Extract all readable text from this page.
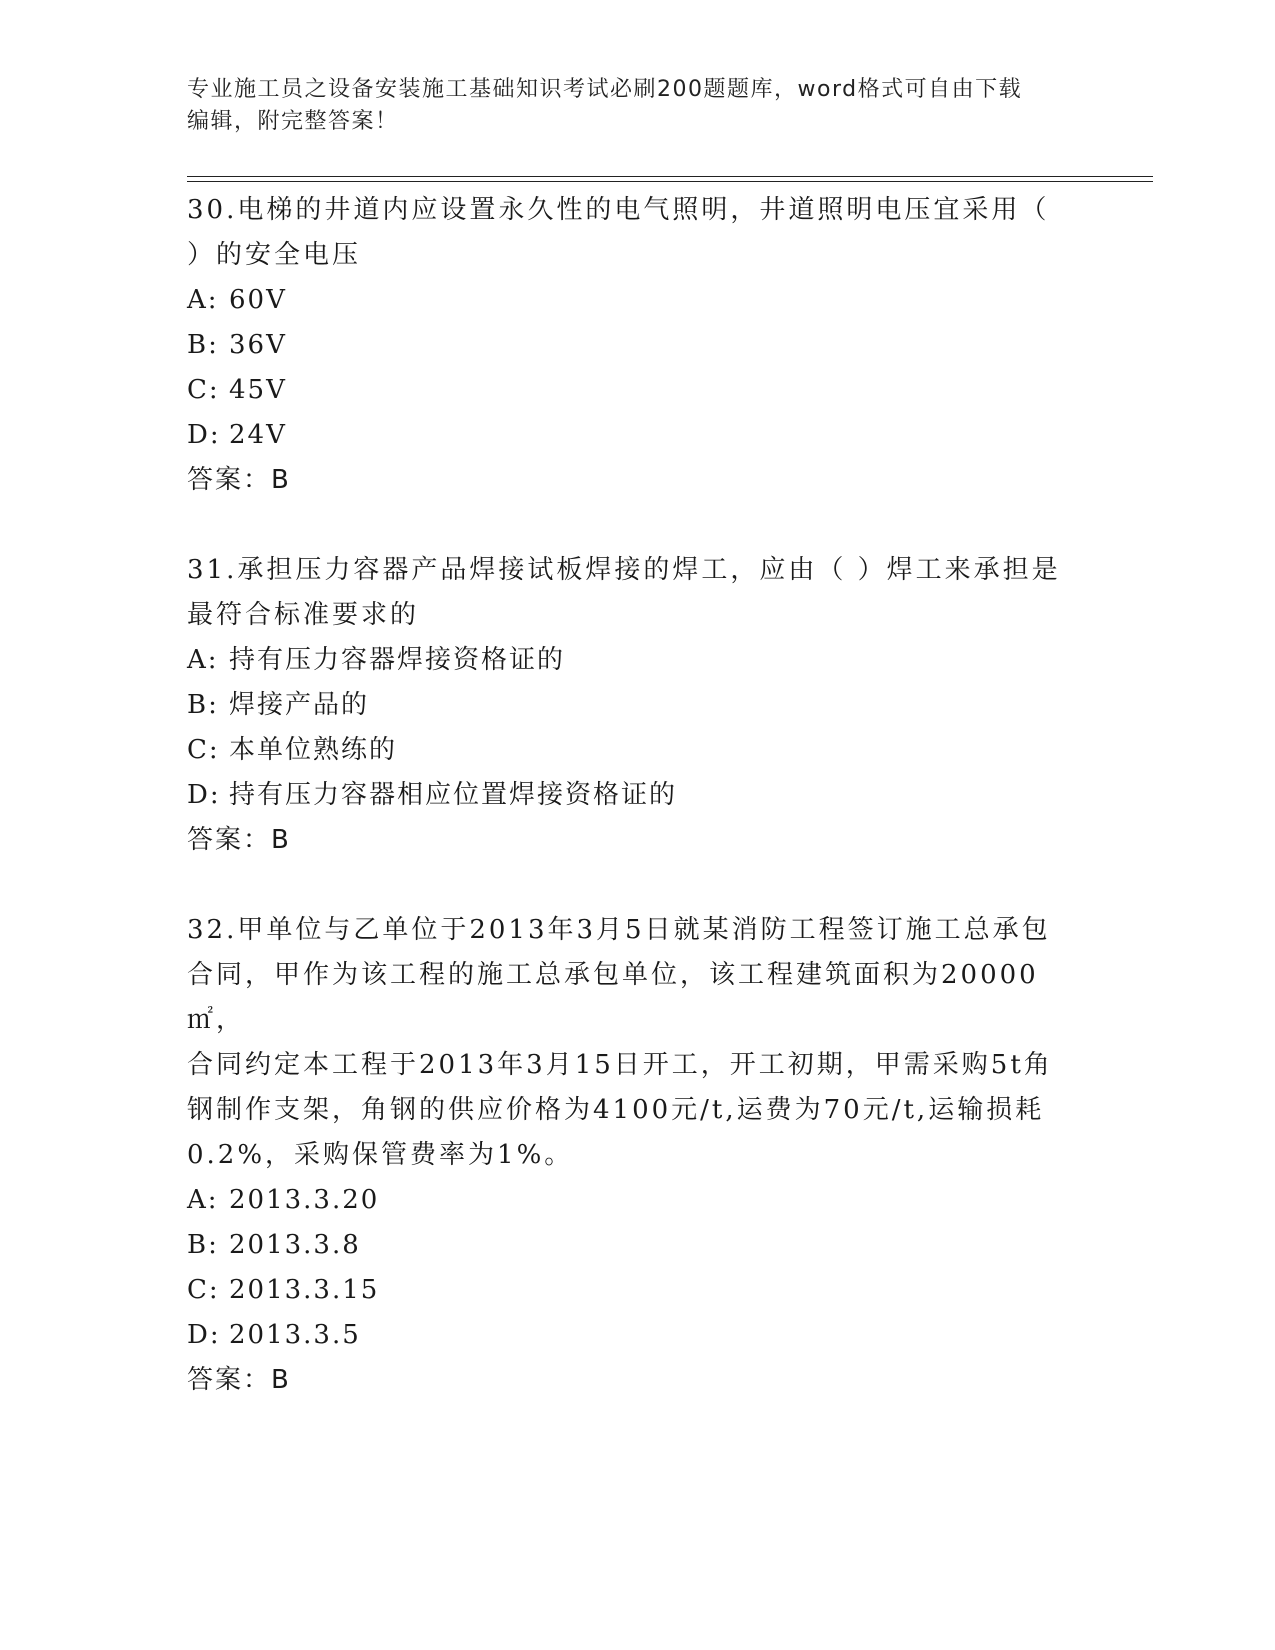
专业施工员之设备安装施工基础知识考试必刷200题题库，word格式可自由下载
编辑，附完整答案！

30.电梯的井道内应设置永久性的电气照明，井道照明电压宜采用（

）的安全电压

A: 60V

B: 36V

C: 45V

D: 24V

答案：B

31.承担压力容器产品焊接试板焊接的焊工，应由（ ）焊工来承担是

最符合标准要求的

A: 持有压力容器焊接资格证的

B: 焊接产品的

C: 本单位熟练的

D: 持有压力容器相应位置焊接资格证的

答案：B

32.甲单位与乙单位于2013年3月5日就某消防工程签订施工总承包

合同，甲作为该工程的施工总承包单位，该工程建筑面积为20000㎡，

合同约定本工程于2013年3月15日开工，开工初期，甲需采购5t角

钢制作支架，角钢的供应价格为4100元/t,运费为70元/t,运输损耗

0.2%，采购保管费率为1%。

A: 2013.3.20

B: 2013.3.8

C: 2013.3.15

D: 2013.3.5

答案：B
